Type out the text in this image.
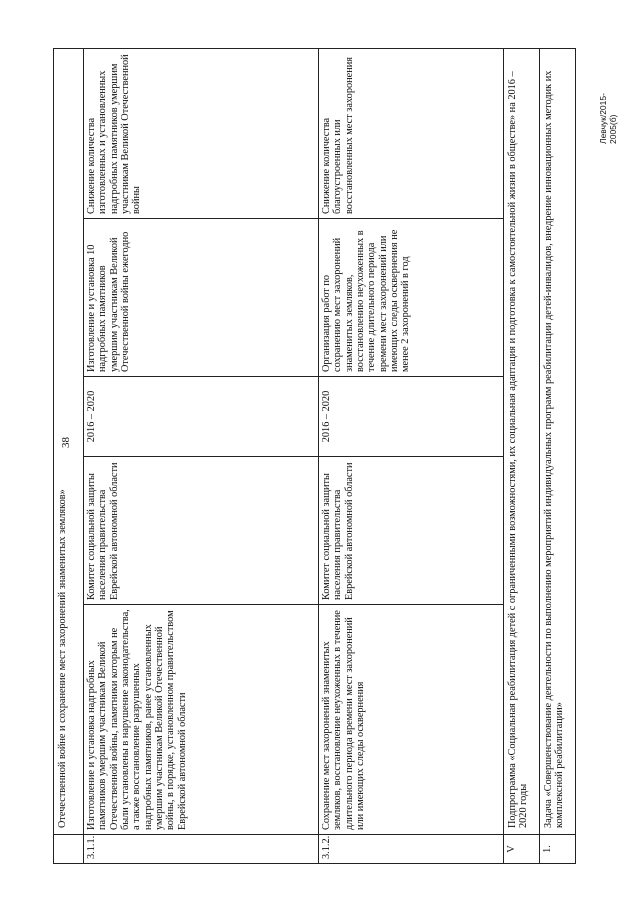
38
Левчук/2015-2005(б)
	Отечественной войне и сохранение мест захоронений знаменитых земляков»				
3.1.1.	Изготовление и установка надгробных памятников умершим участникам Великой Отечественной войны, памятники которым не были установлены в нарушение законодательства, а также восстановление разрушенных надгробных памятников, ранее установленных умершим участникам Великой Отечественной войны, в порядке, установленном правительством Еврейской автономной области	Комитет социальной защиты населения правительства Еврейской автономной области	2016 – 2020	Изготовление и установка 10 надгробных памятников умершим участникам Великой Отечественной войны ежегодно	Снижение количества изготовленных и установленных надгробных памятников умершим участникам Великой Отечественной войны
3.1.2.	Сохранение мест захоронений знаменитых земляков, восстановление неухоженных в течение длительного периода времени мест захоронений или имеющих следы осквернения	Комитет социальной защиты населения правительства Еврейской автономной области	2016 – 2020	Организация работ по сохранению мест захоронений знаменитых земляков, восстановлению неухоженных в течение длительного периода времени мест захоронений или имеющих следы осквернения не менее 2 захоронений в год	Снижение количества благоустроенных или восстановленных мест захоронения
V	Подпрограмма «Социальная реабилитация детей с ограниченными возможностями, их социальная адаптация и подготовка к самостоятельной жизни в обществе» на 2016 – 2020 годы				
1.	Задача «Совершенствование деятельности по выполнению мероприятий индивидуальных программ реабилитации детей-инвалидов, внедрение инновационных методик их комплексной реабилитации»				
